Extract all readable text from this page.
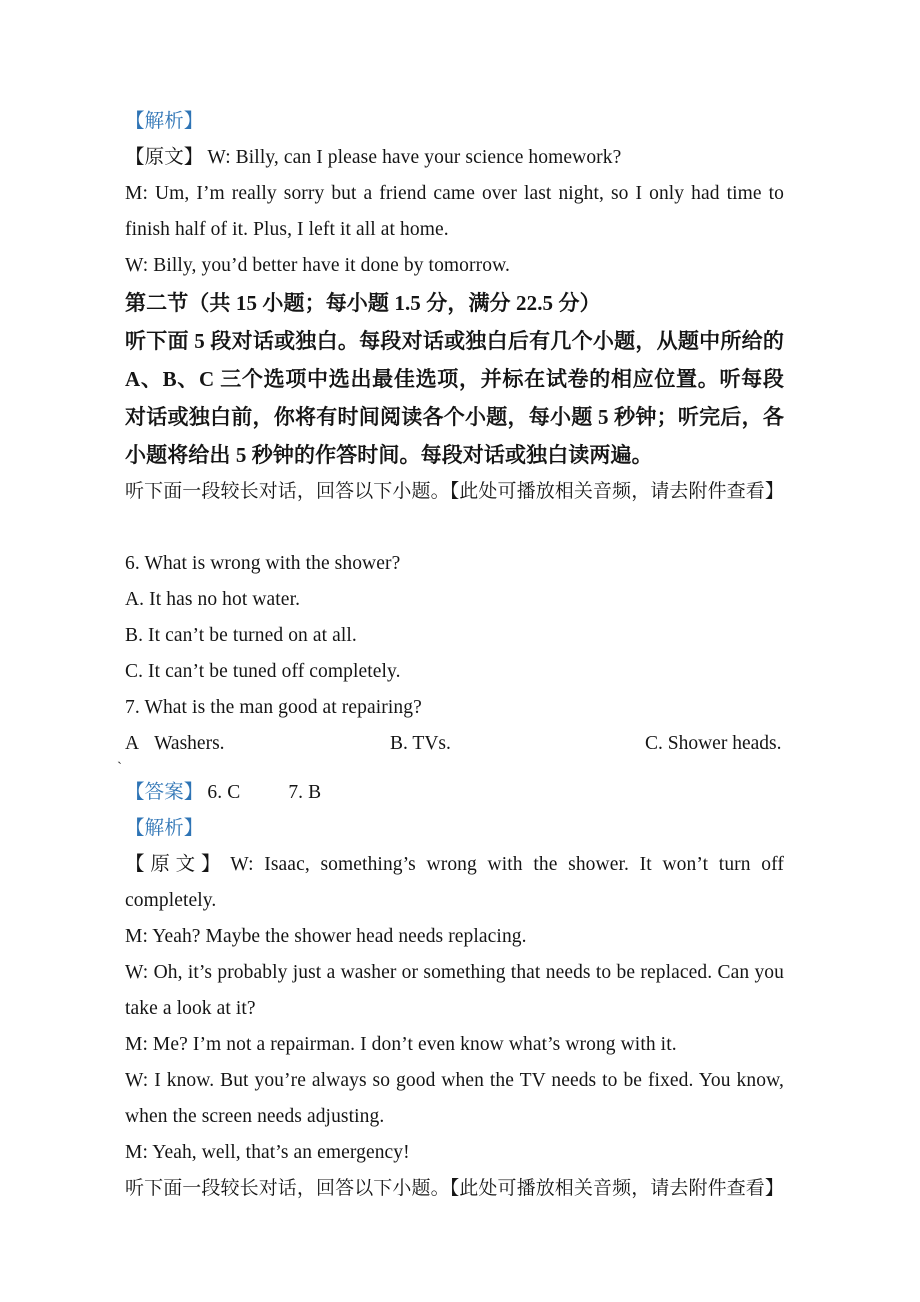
【解析】

【原文】 W: Billy, can I please have your science homework?

M: Um, I’m really sorry but a friend came over last night, so I only had time to finish half of it. Plus, I left it all at home.

W: Billy, you’d better have it done by tomorrow.

第二节（共 15 小题；每小题 1.5 分，满分 22.5 分）

听下面 5 段对话或独白。每段对话或独白后有几个小题，从题中所给的 A、B、C 三个选项中选出最佳选项，并标在试卷的相应位置。听每段对话或独白前，你将有时间阅读各个小题，每小题 5 秒钟；听完后，各小题将给出 5 秒钟的作答时间。每段对话或独白读两遍。

听下面一段较长对话，回答以下小题。【此处可播放相关音频，请去附件查看】

6. What is wrong with the shower?

A. It has no hot water.

B. It can’t be turned on at all.

C. It can’t be tuned off completely.

7. What is the man good at repairing?

A Washers.	B. TVs.	C. Shower heads.

`

【答案】 6. C 7. B

【解析】

【原文】 W: Isaac, something’s wrong with the shower. It won’t turn off completely.

M: Yeah? Maybe the shower head needs replacing.

W: Oh, it’s probably just a washer or something that needs to be replaced. Can you take a look at it?

M: Me? I’m not a repairman. I don’t even know what’s wrong with it.

W: I know. But you’re always so good when the TV needs to be fixed. You know, when the screen needs adjusting.

M: Yeah, well, that’s an emergency!

听下面一段较长对话，回答以下小题。【此处可播放相关音频，请去附件查看】
